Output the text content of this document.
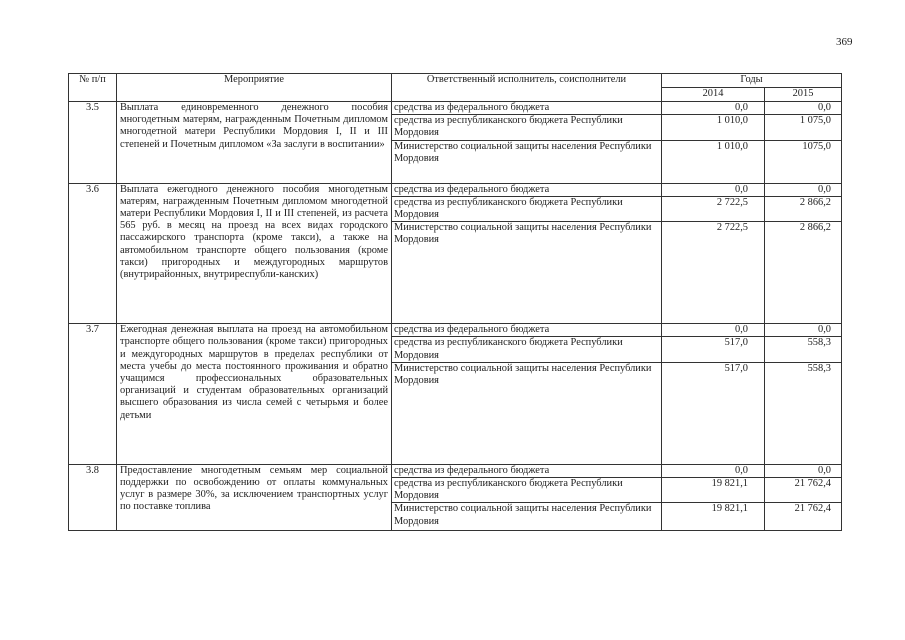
369
№ п/п	Мероприятие	Ответственный исполнитель, соисполнители	Годы	
			2014	2015
3.5	Выплата единовременного денежного пособия многодетным матерям, награжденным Почетным дипломом многодетной матери Республики Мордовия I, II и III степеней и Почетным дипломом «За заслуги в воспитании»	средства из федерального бюджета	0,0	0,0
		средства из республиканского бюджета Республики Мордовия	1 010,0	1 075,0
		Министерство социальной защиты населения Республики Мордовия	1 010,0	1075,0
3.6	Выплата ежегодного денежного пособия многодетным матерям, награжденным Почетным дипломом многодетной матери Республики Мордовия I, II и III степеней, из расчета 565 руб. в месяц на проезд на всех видах городского пассажирского транспорта (кроме такси), а также на автомобильном транспорте общего пользования (кроме такси) пригородных и междугородных маршрутов (внутрирайонных, внутриреспубли-канских)	средства из федерального бюджета	0,0	0,0
		средства из республиканского бюджета Республики Мордовия	2 722,5	2 866,2
		Министерство социальной защиты населения Республики Мордовия	2 722,5	2 866,2
3.7	Ежегодная денежная выплата на проезд на автомобильном транспорте общего пользования (кроме такси) пригородных и междугородных маршрутов в пределах республики от места учебы до места постоянного проживания и обратно учащимся профессиональных образовательных организаций и студентам образовательных организаций высшего образования из числа семей с четырьмя и более детьми	средства из федерального бюджета	0,0	0,0
		средства из республиканского бюджета Республики Мордовия	517,0	558,3
		Министерство социальной защиты населения Республики Мордовия	517,0	558,3
3.8	Предоставление многодетным семьям мер социальной поддержки по освобождению от оплаты коммунальных услуг в размере 30%, за исключением транспортных услуг по поставке топлива	средства из федерального бюджета	0,0	0,0
		средства из республиканского бюджета Республики Мордовия	19 821,1	21 762,4
		Министерство социальной защиты населения Республики Мордовия	19 821,1	21 762,4
